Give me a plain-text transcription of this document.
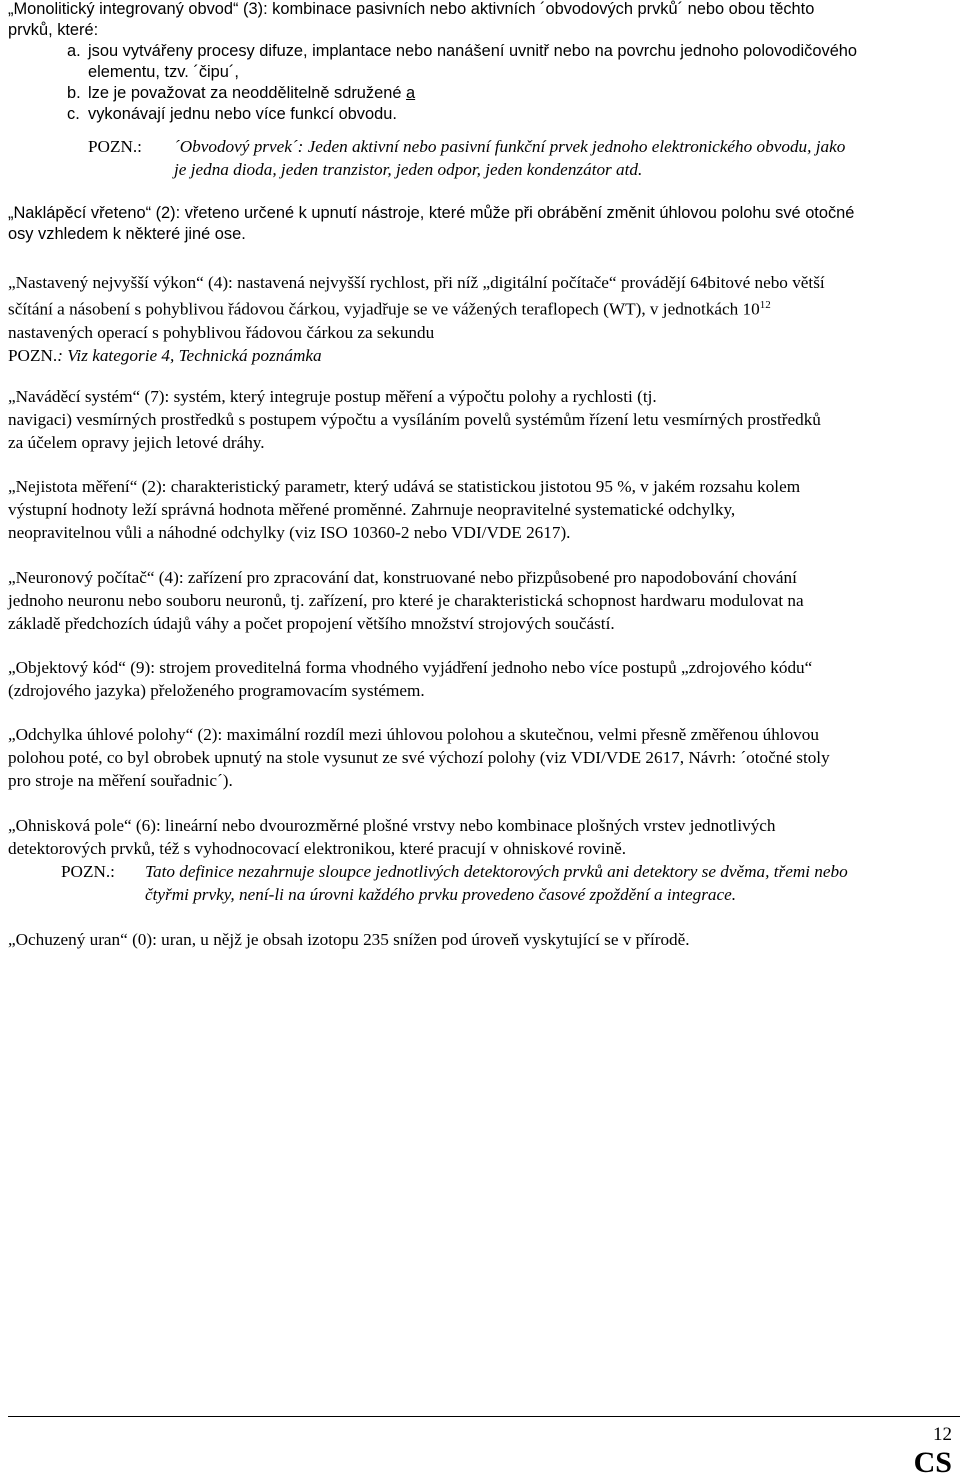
„Monolitický integrovaný obvod“ (3): kombinace pasivních nebo aktivních ´obvodových prvků´ nebo obou těchto
prvků, které:
a. jsou vytvářeny procesy difuze, implantace nebo nanášení uvnitř nebo na povrchu jednoho polovodičového

elementu, tzv. ´čipu´,

b. lze je považovat za neoddělitelně sdružené a

c. vykonávají jednu nebo více funkcí obvodu.

POZN.: ´Obvodový prvek´: Jeden aktivní nebo pasivní funkční prvek jednoho elektronického obvodu, jako
je jedna dioda, jeden tranzistor, jeden odpor, jeden kondenzátor atd.
„Naklápěcí vřeteno“ (2): vřeteno určené k upnutí nástroje, které může při obrábění změnit úhlovou polohu své otočné
osy vzhledem k některé jiné ose.
„Nastavený nejvyšší výkon“ (4): nastavená nejvyšší rychlost, při níž „digitální počítače“ provádějí 64bitové nebo větší
sčítání a násobení s pohyblivou řádovou čárkou, vyjadřuje se ve vážených teraflopech (WT), v jednotkách $10^{12}$
nastavených operací s pohyblivou řádovou čárkou za sekundu
POZN.: Viz kategorie 4, Technická poznámka
„Naváděcí systém“ (7): systém, který integruje postup měření a výpočtu polohy a rychlosti (tj.
navigaci) vesmírných prostředků s postupem výpočtu a vysíláním povelů systémům řízení letu vesmírných prostředků
za účelem opravy jejich letové dráhy.
„Nejistota měření“ (2): charakteristický parametr, který udává se statistickou jistotou 95 %, v jakém rozsahu kolem
výstupní hodnoty leží správná hodnota měřené proměnné. Zahrnuje neopravitelné systematické odchylky,
neopravitelnou vůli a náhodné odchylky (viz ISO 10360-2 nebo VDI/VDE 2617).
„Neuronový počítač“ (4): zařízení pro zpracování dat, konstruované nebo přizpůsobené pro napodobování chování
jednoho neuronu nebo souboru neuronů, tj. zařízení, pro které je charakteristická schopnost hardwaru modulovat na
základě předchozích údajů váhy a počet propojení většího množství strojových součástí.
„Objektový kód“ (9): strojem proveditelná forma vhodného vyjádření jednoho nebo více postupů „zdrojového kódu“
(zdrojového jazyka) přeloženého programovacím systémem.
„Odchylka úhlové polohy“ (2): maximální rozdíl mezi úhlovou polohou a skutečnou, velmi přesně změřenou úhlovou
polohou poté, co byl obrobek upnutý na stole vysunut ze své výchozí polohy (viz VDI/VDE 2617, Návrh: ´otočné stoly
pro stroje na měření souřadnic´).
„Ohnisková pole“ (6): lineární nebo dvourozměrné plošné vrstvy nebo kombinace plošných vrstev jednotlivých
detektorových prvků, též s vyhodnocovací elektronikou, které pracují v ohniskové rovině.
POZN.: Tato definice nezahrnuje sloupce jednotlivých detektorových prvků ani detektory se dvěma, třemi nebo
čtyřmi prvky, není-li na úrovni každého prvku provedeno časové zpoždění a integrace.
„Ochuzený uran“ (0): uran, u nějž je obsah izotopu 235 snížen pod úroveň vyskytující se v přírodě.
12
CS
